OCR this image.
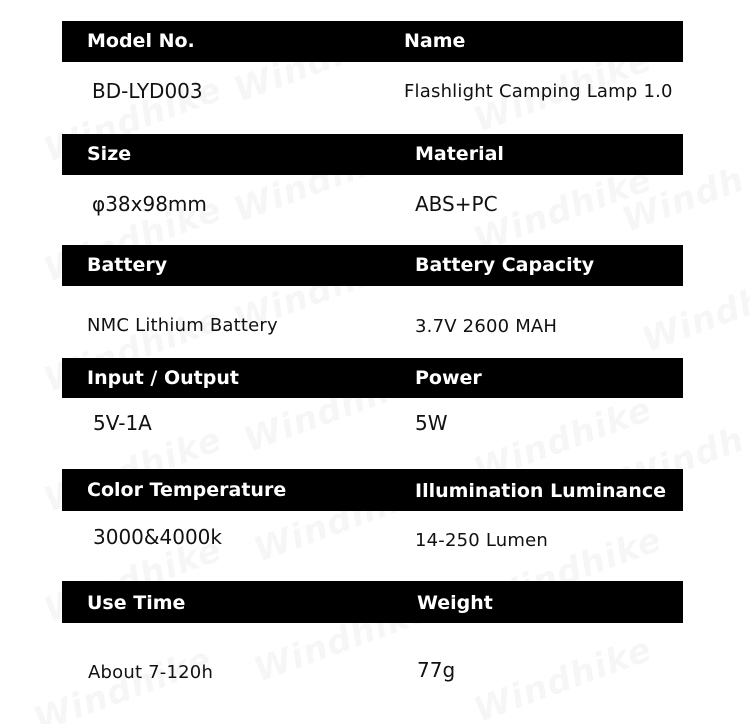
Model No.	Name
BD-LYD003	Flashlight Camping Lamp 1.0
Size	Material
φ38x98mm	ABS+PC
Battery	Battery Capacity
NMC Lithium Battery	3.7V 2600 MAH
Input / Output	Power
5V-1A	5W
Color Temperature	Illumination Luminance
3000&4000k	14-250 Lumen
Use Time	Weight
About 7-120h	77g
